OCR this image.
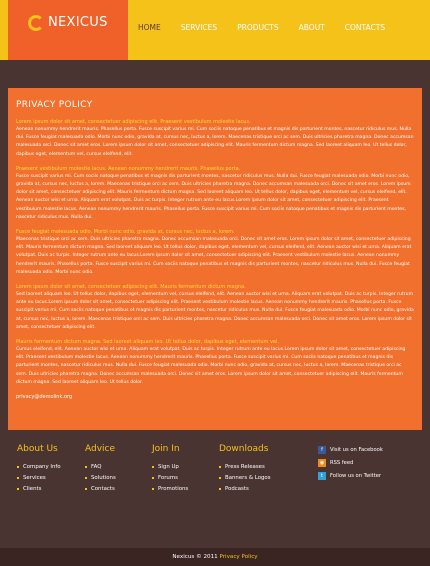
NEXICUS	HOME	SERVICES	PRODUCTS	ABOUT	CONTACTS
PRIVACY POLICY
Lorem ipsum dolor sit amet, consectetuer adipiscing elit. Praesent vestibulum molestie lacus.
Aenean nonummy hendrerit mauris. Phasellus porta. Fusce suscipit varius mi. Cum sociis natoque penatibus et magnis dis parturient montes, nascetur ridiculus mus. Nulla dui. Fusce feugiat malesuada odio. Morbi nunc odio, gravida at, cursus nec, luctus a, lorem. Maecenas tristique orci ac sem. Duis ultricies pharetra magna. Donec accumsan malesuada orci. Donec sit amet eros. Lorem ipsum dolor sit amet, consectetuer adipiscing elit. Mauris fermentum dictum magna. Sed laoreet aliquam leo. Ut tellus dolor, dapibus eget, elementum vel, cursus eleifend, elit.
Praesent vestibulum molestie lacus. Aenean nonummy hendrerit mauris. Phasellus porta.
Fusce suscipit varius mi. Cum sociis natoque penatibus et magnis dis parturient montes, nascetur ridiculus mus. Nulla dui. Fusce feugiat malesuada odio. Morbi nunc odio, gravida at, cursus nec, luctus a, lorem. Maecenas tristique orci ac sem. Duis ultricies pharetra magna. Donec accumsan malesuada orci. Donec sit amet eros. Lorem ipsum dolor sit amet, consectetuer adipiscing elit. Mauris fermentum dictum magna. Sed laoreet aliquam leo. Ut tellus dolor, dapibus eget, elementum vel, cursus eleifend, elit. Aenean auctor wisi et urna. Aliquam erat volutpat. Duis ac turpis. Integer rutrum ante eu lacus.Lorem ipsum dolor sit amet, consectetuer adipiscing elit. Praesent vestibulum molestie lacus. Aenean nonummy hendrerit mauris. Phasellus porta. Fusce suscipit varius mi. Cum sociis natoque penatibus et magnis dis parturient montes, nascetur ridiculus mus. Nulla dui.
Fusce feugiat malesuada odio. Morbi nunc odio, gravida at, cursus nec, luctus a, lorem.
Maecenas tristique orci ac sem. Duis ultricies pharetra magna. Donec accumsan malesuada orci. Donec sit amet eros. Lorem ipsum dolor sit amet, consectetuer adipiscing elit. Mauris fermentum dictum magna. Sed laoreet aliquam leo. Ut tellus dolor, dapibus eget, elementum vel, cursus eleifend, elit. Aenean auctor wisi et urna. Aliquam erat volutpat. Duis ac turpis. Integer rutrum ante eu lacus.Lorem ipsum dolor sit amet, consectetuer adipiscing elit. Praesent vestibulum molestie lacus. Aenean nonummy hendrerit mauris. Phasellus porta. Fusce suscipit varius mi. Cum sociis natoque penatibus et magnis dis parturient montes, nascetur ridiculus mus. Nulla dui. Fusce feugiat malesuada odio. Morbi nunc odio.
Lorem ipsum dolor sit amet, consectetuer adipiscing elit. Mauris fermentum dictum magna.
Sed laoreet aliquam leo. Ut tellus dolor, dapibus eget, elementum vel, cursus eleifend, elit. Aenean auctor wisi et urna. Aliquam erat volutpat. Duis ac turpis. Integer rutrum ante eu lacus.Lorem ipsum dolor sit amet, consectetuer adipiscing elit. Praesent vestibulum molestie lacus. Aenean nonummy hendrerit mauris. Phasellus porta. Fusce suscipit varius mi. Cum sociis natoque penatibus et magnis dis parturient montes, nascetur ridiculus mus. Nulla dui. Fusce feugiat malesuada odio. Morbi nunc odio, gravida at, cursus nec, luctus a, lorem. Maecenas tristique orci ac sem. Duis ultricies pharetra magna. Donec accumsan malesuada orci. Donec sit amet eros. Lorem ipsum dolor sit amet, consectetuer adipiscing elit.
Mauris fermentum dictum magna. Sed laoreet aliquam leo. Ut tellus dolor, dapibus eget, elementum vel.
Cursus eleifend, elit. Aenean auctor wisi et urna. Aliquam erat volutpat. Duis ac turpis. Integer rutrum ante eu lacus.Lorem ipsum dolor sit amet, consectetuer adipiscing elit. Praesent vestibulum molestie lacus. Aenean nonummy hendrerit mauris. Phasellus porta. Fusce suscipit varius mi. Cum sociis natoque penatibus et magnis dis parturient montes, nascetur ridiculus mus. Nulla dui. Fusce feugiat malesuada odio. Morbi nunc odio, gravida at, cursus nec, luctus a, lorem. Maecenas tristique orci ac sem. Duis ultricies pharetra magna. Donec accumsan malesuada orci. Donec sit amet eros. Lorem ipsum dolor sit amet, consectetuer adipiscing elit. Mauris fermentum dictum magna. Sed laoreet aliquam leo. Ut tellus dolor.
privacy@demolink.org
About Us
Company Info
Services
Clients
Advice
FAQ
Solutions
Contacts
Join In
Sign Up
Forums
Promotions
Downloads
Press Releases
Banners & Logos
Podcasts
f	Visit us on Facebook
◉	RSS feed
t	Follow us on Twitter
Nexicus © 2011 Privacy Policy
